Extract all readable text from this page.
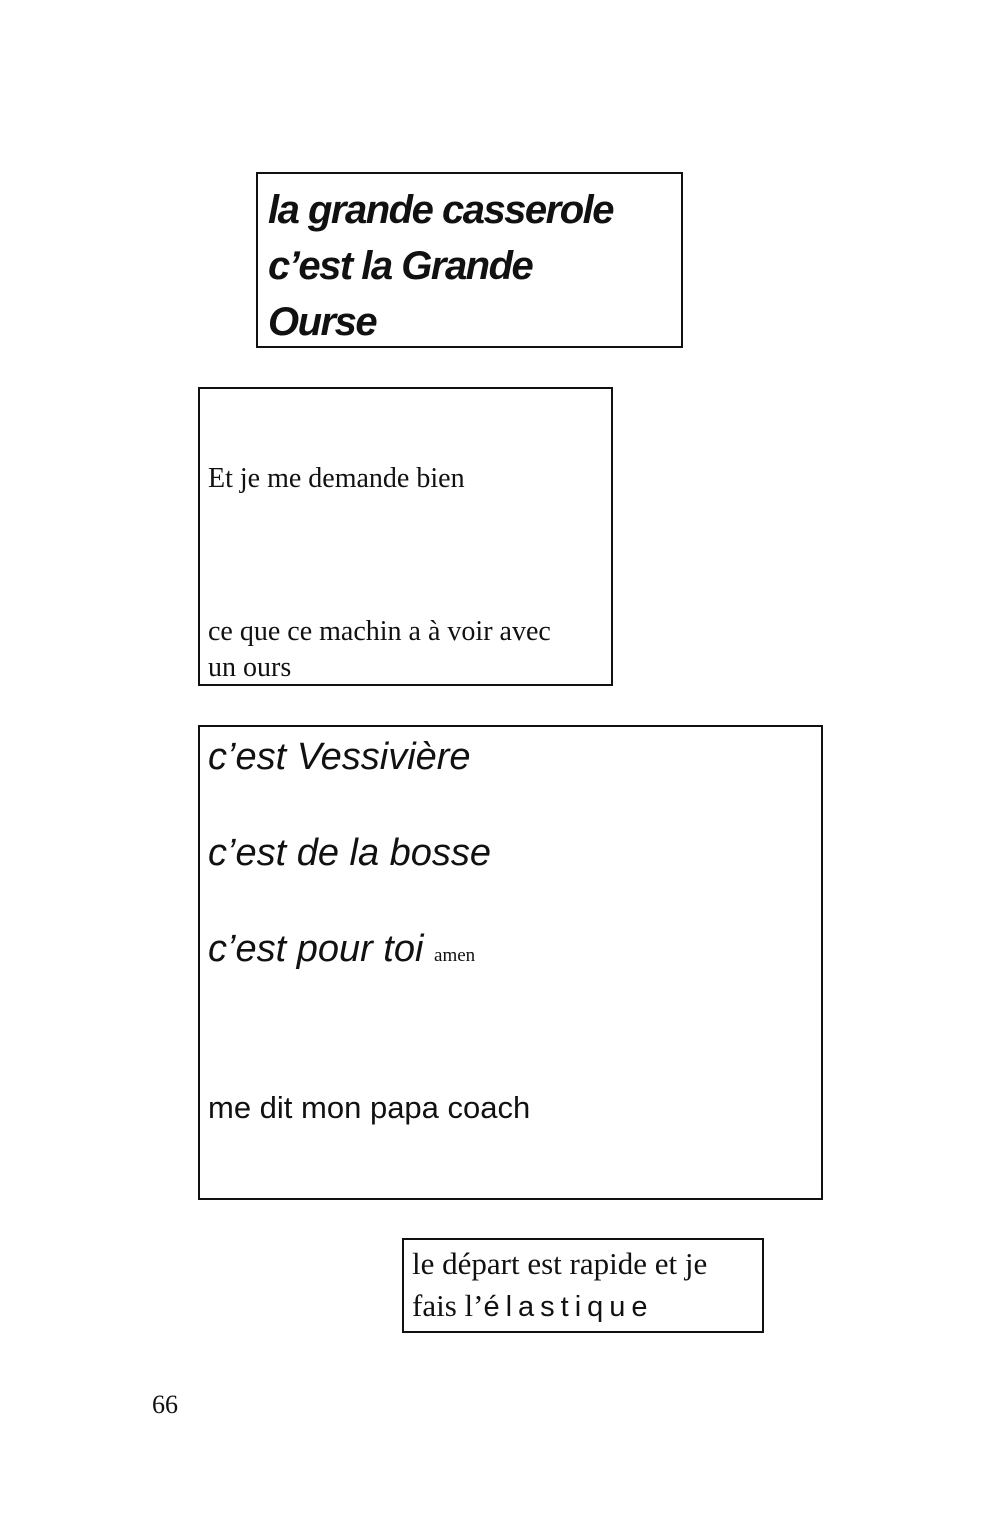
la grande casserole
c’est la Grande
Ourse
Et je me demande bien
ce que ce machin a à voir avec
un ours
c’est Vessivière
c’est de la bosse
c’est pour toi amen
me dit mon papa coach
le départ est rapide et je
fais l’élastique
66
